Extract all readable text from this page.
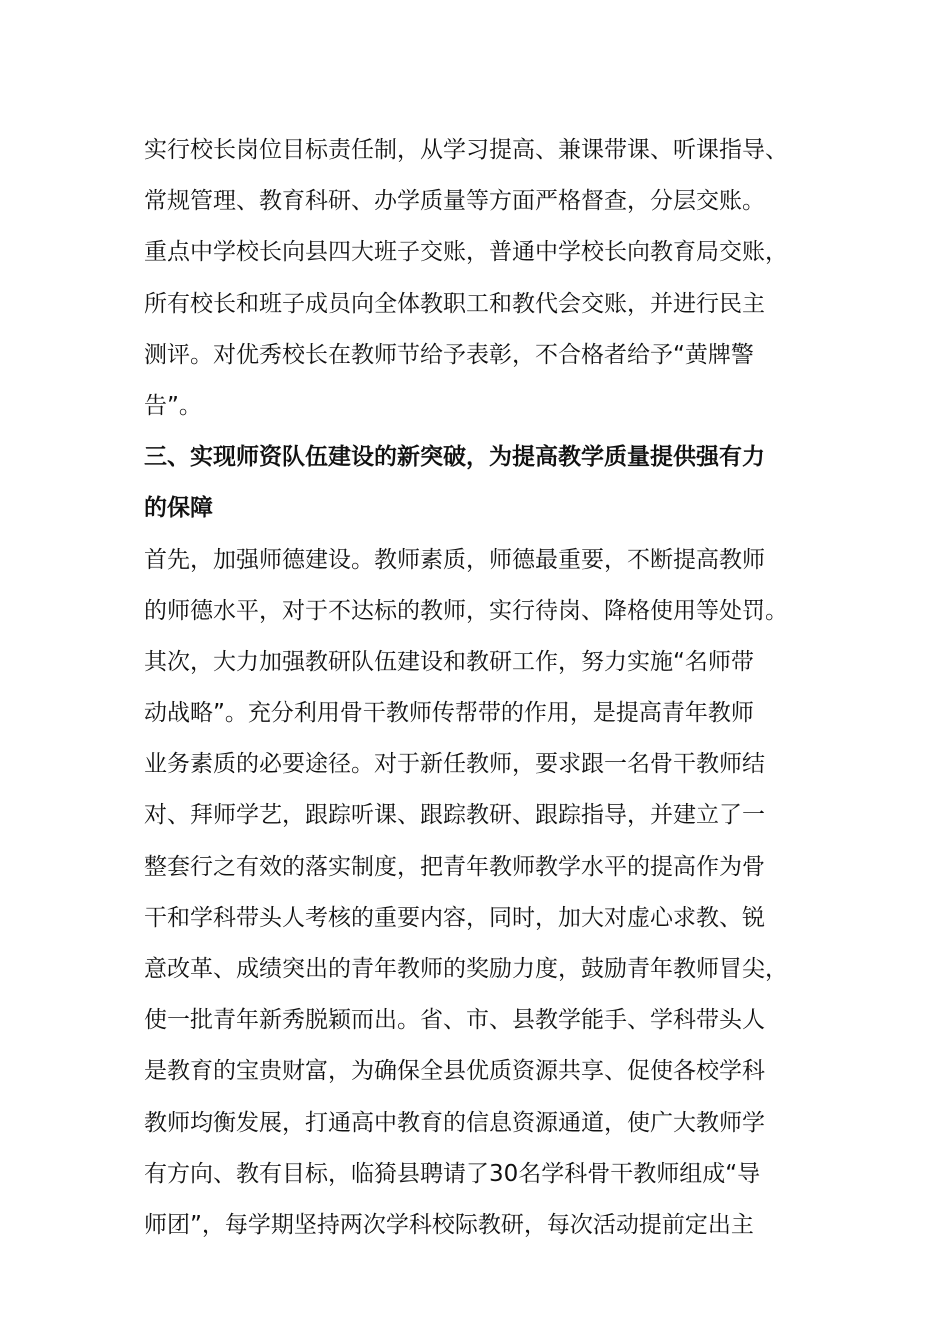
实行校长岗位目标责任制，从学习提高、兼课带课、听课指导、
常规管理、教育科研、办学质量等方面严格督查，分层交账。
重点中学校长向县四大班子交账，普通中学校长向教育局交账，
所有校长和班子成员向全体教职工和教代会交账，并进行民主
测评。对优秀校长在教师节给予表彰，不合格者给予“黄牌警
告”。
三、实现师资队伍建设的新突破，为提高教学质量提供强有力
的保障
首先，加强师德建设。教师素质，师德最重要，不断提高教师
的师德水平，对于不达标的教师，实行待岗、降格使用等处罚。
其次，大力加强教研队伍建设和教研工作，努力实施“名师带
动战略”。充分利用骨干教师传帮带的作用，是提高青年教师
业务素质的必要途径。对于新任教师，要求跟一名骨干教师结
对、拜师学艺，跟踪听课、跟踪教研、跟踪指导，并建立了一
整套行之有效的落实制度，把青年教师教学水平的提高作为骨
干和学科带头人考核的重要内容，同时，加大对虚心求教、锐
意改革、成绩突出的青年教师的奖励力度，鼓励青年教师冒尖，
使一批青年新秀脱颖而出。省、市、县教学能手、学科带头人
是教育的宝贵财富，为确保全县优质资源共享、促使各校学科
教师均衡发展，打通高中教育的信息资源通道，使广大教师学
有方向、教有目标，临猗县聘请了30名学科骨干教师组成“导
师团”，每学期坚持两次学科校际教研，每次活动提前定出主
